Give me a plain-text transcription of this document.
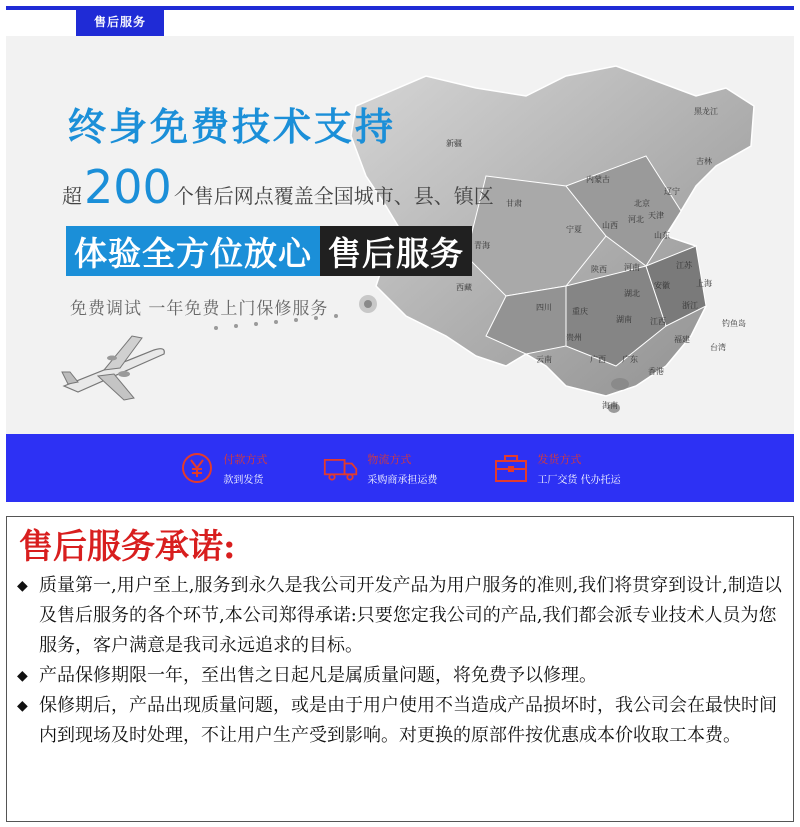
售后服务
黑龙江
吉林
辽宁
内蒙古
北京
天津
河北
山西
山东
宁夏
甘肃
青海
西藏
四川	重庆
贵州
云南
陕西 河南
湖北
湖南
安徽
江苏
上海
浙江
江西
福建
广东
广西
海南
台湾
香港
新疆
钓鱼岛
终身免费技术支持
超 200 个售后网点覆盖全国城市、县、镇区
体验全方位放心 售后服务
免费调试 一年免费上门保修服务
付款方式
款到发货
物流方式
采购商承担运费
发货方式
工厂交货 代办托运
售后服务承诺:
◆ 质量第一,用户至上,服务到永久是我公司开发产品为用户服务的准则,我们将贯穿到设计,制造以及售后服务的各个环节,本公司郑得承诺:只要您定我公司的产品,我们都会派专业技术人员为您服务，客户满意是我司永远追求的目标。
◆ 产品保修期限一年，至出售之日起凡是属质量问题，将免费予以修理。
◆ 保修期后，产品出现质量问题，或是由于用户使用不当造成产品损坏时，我公司会在最快时间内到现场及时处理，不让用户生产受到影响。对更换的原部件按优惠成本价收取工本费。
